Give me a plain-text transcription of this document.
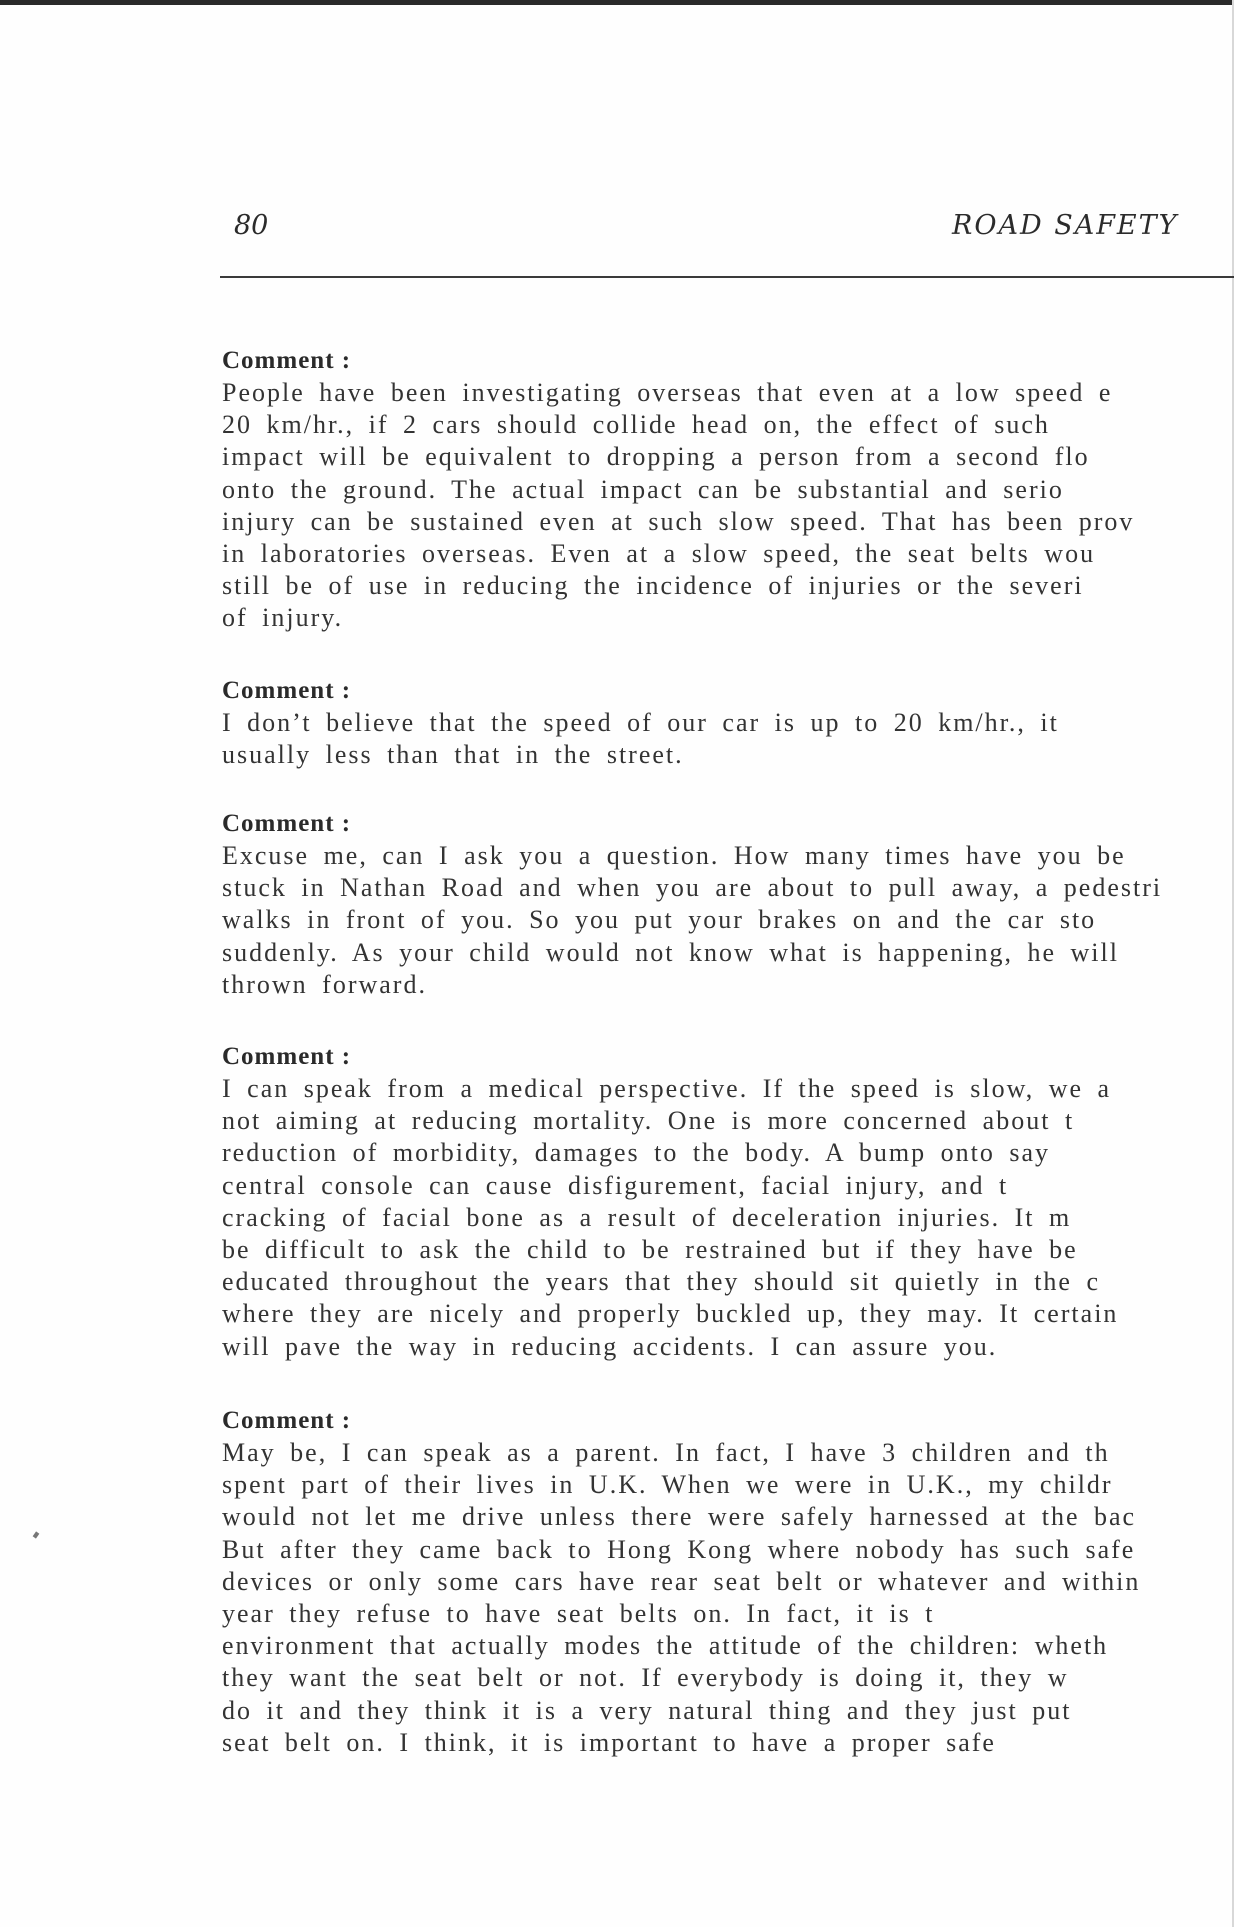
80	ROAD SAFETY

Comment :

People have been investigating overseas that even at a low speed e
20 km/hr., if 2 cars should collide head on, the effect of such
impact will be equivalent to dropping a person from a second flo
onto the ground. The actual impact can be substantial and serio
injury can be sustained even at such slow speed. That has been prov
in laboratories overseas. Even at a slow speed, the seat belts wou
still be of use in reducing the incidence of injuries or the severi
of injury.

Comment :

I don’t believe that the speed of our car is up to 20 km/hr., it
usually less than that in the street.

Comment :

Excuse me, can I ask you a question. How many times have you be
stuck in Nathan Road and when you are about to pull away, a pedestri
walks in front of you. So you put your brakes on and the car sto
suddenly. As your child would not know what is happening, he will
thrown forward.

Comment :

I can speak from a medical perspective. If the speed is slow, we a
not aiming at reducing mortality. One is more concerned about t
reduction of morbidity, damages to the body. A bump onto say
central console can cause disfigurement, facial injury, and t
cracking of facial bone as a result of deceleration injuries. It m
be difficult to ask the child to be restrained but if they have be
educated throughout the years that they should sit quietly in the c
where they are nicely and properly buckled up, they may. It certain
will pave the way in reducing accidents. I can assure you.

Comment :

May be, I can speak as a parent. In fact, I have 3 children and th
spent part of their lives in U.K. When we were in U.K., my childr
would not let me drive unless there were safely harnessed at the bac
But after they came back to Hong Kong where nobody has such safe
devices or only some cars have rear seat belt or whatever and within
year they refuse to have seat belts on. In fact, it is t
environment that actually modes the attitude of the children: wheth
they want the seat belt or not. If everybody is doing it, they w
do it and they think it is a very natural thing and they just put
seat belt on. I think, it is important to have a proper safe
